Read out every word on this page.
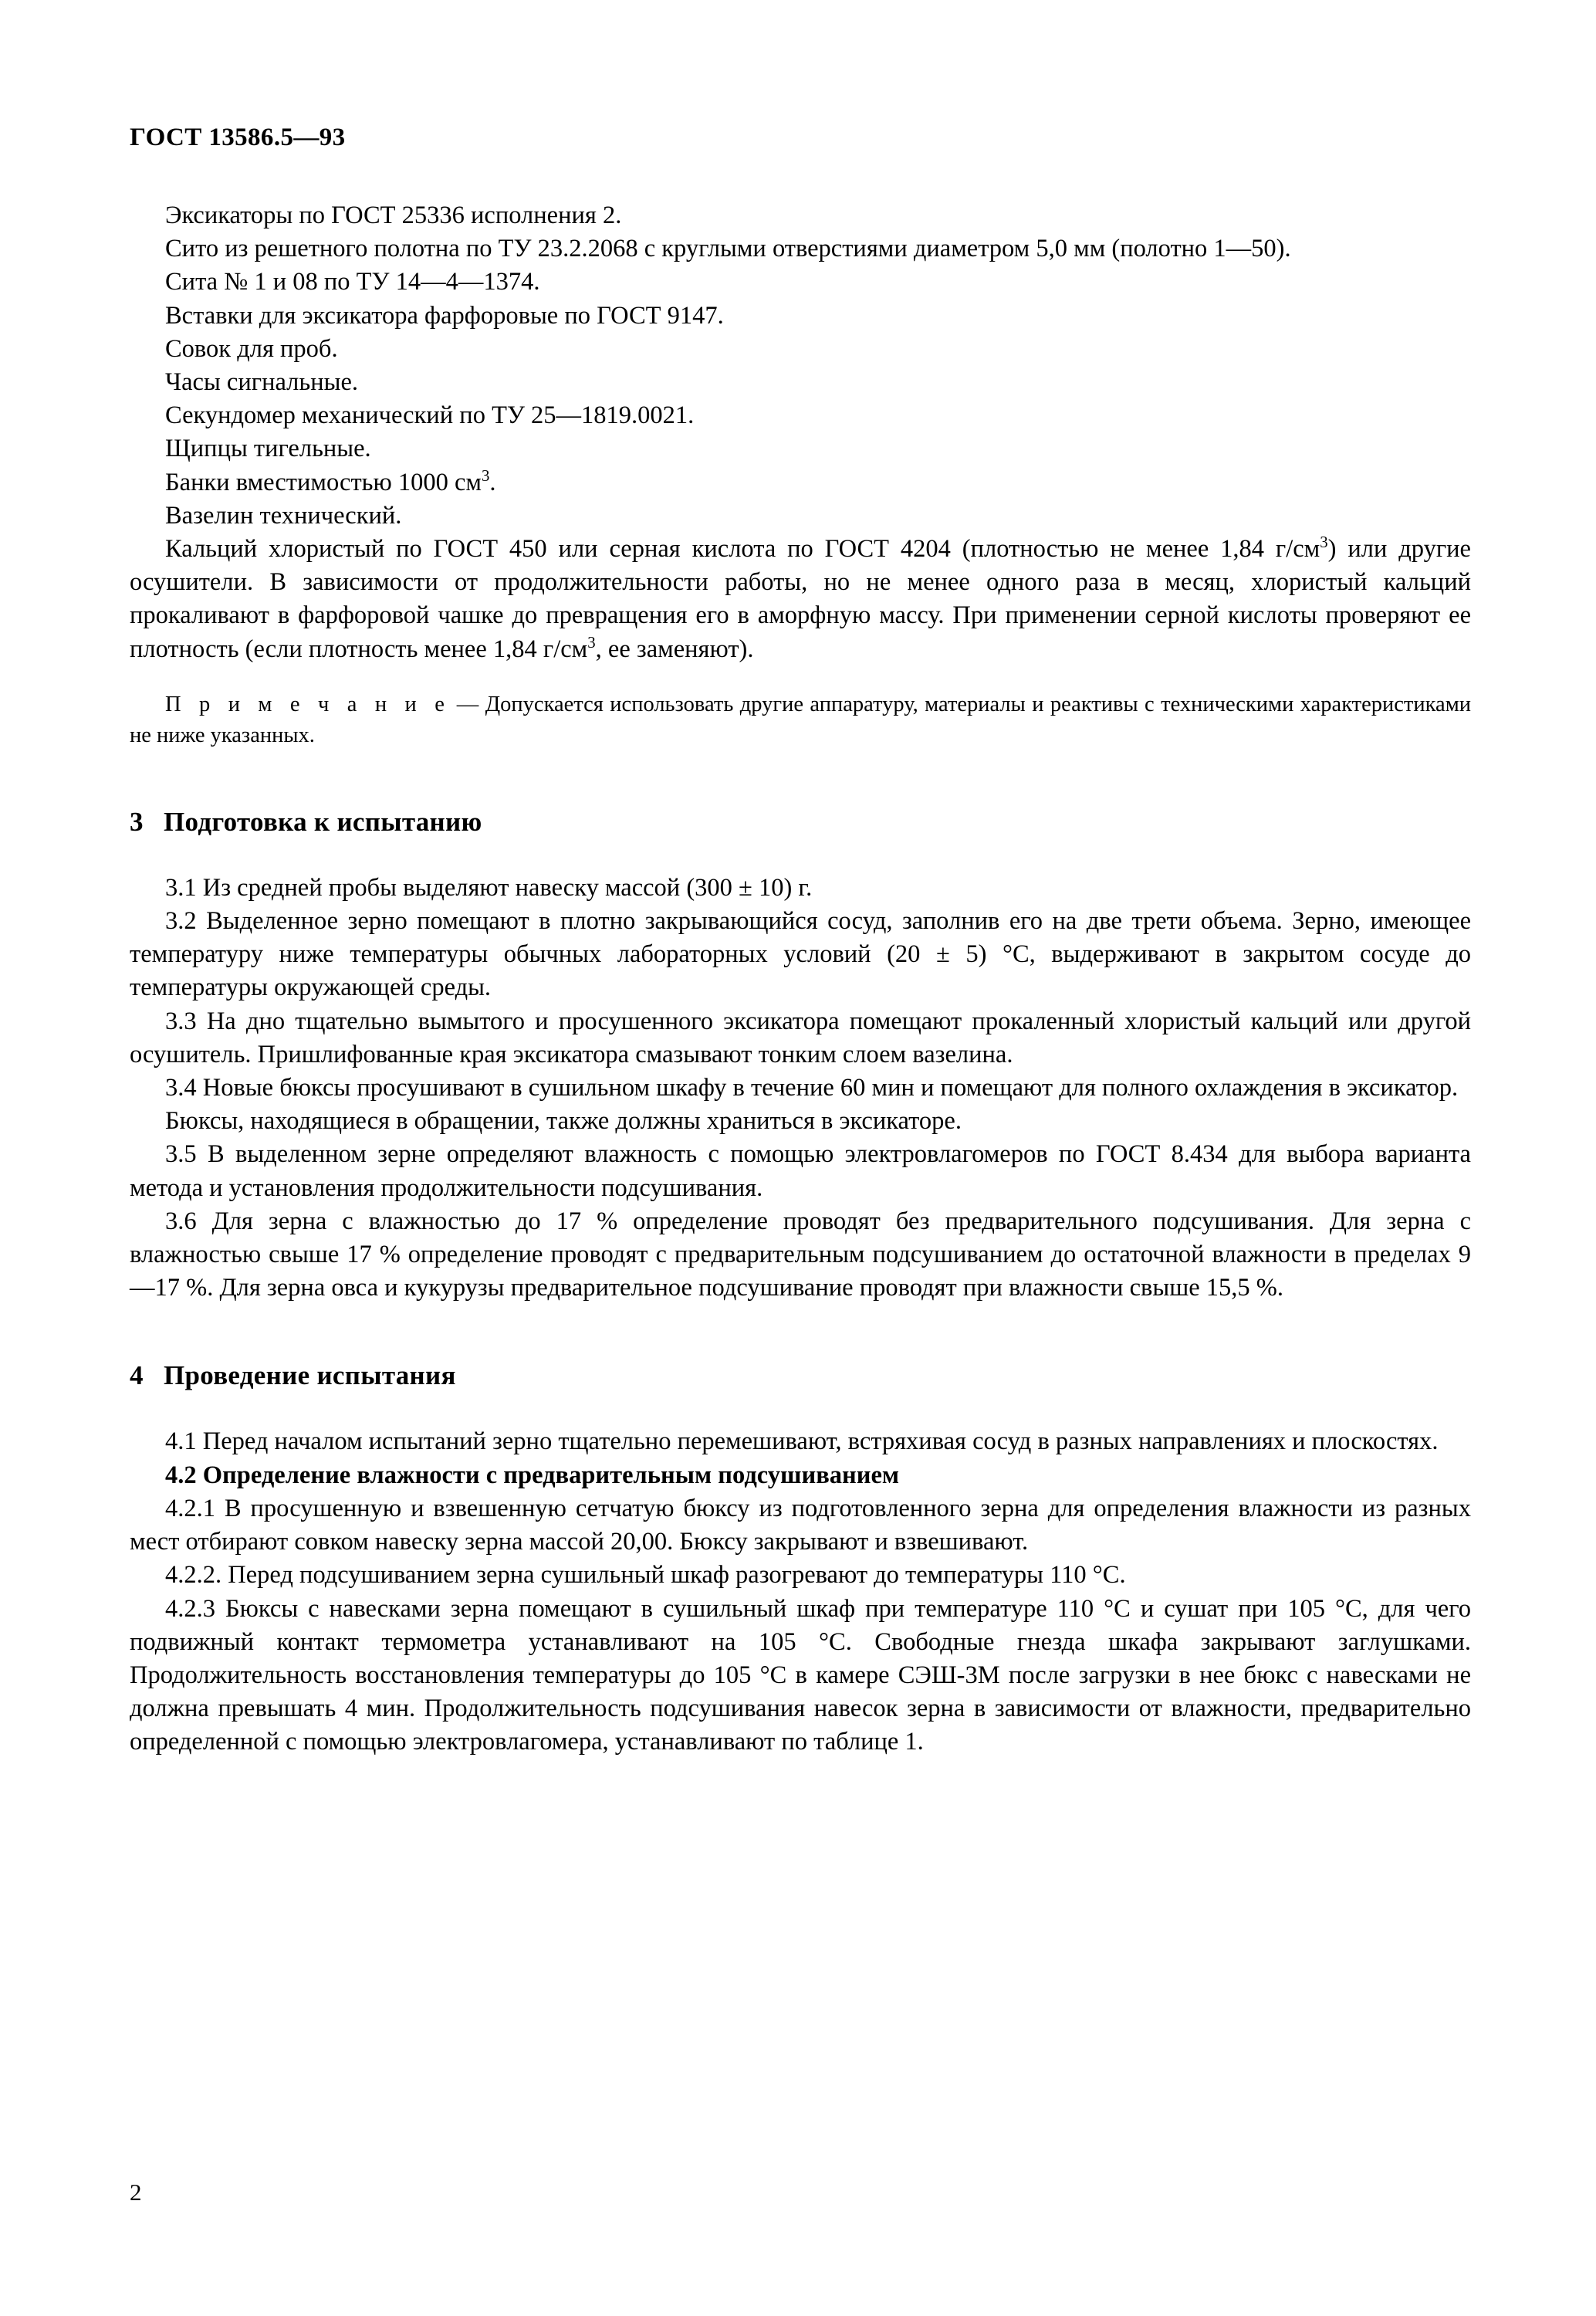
ГОСТ 13586.5—93

Эксикаторы по ГОСТ 25336 исполнения 2.

Сито из решетного полотна по ТУ 23.2.2068 с круглыми отверстиями диаметром 5,0 мм (полотно 1—50).

Сита № 1 и 08 по ТУ 14—4—1374.

Вставки для эксикатора фарфоровые по ГОСТ 9147.

Совок для проб.

Часы сигнальные.

Секундомер механический по ТУ 25—1819.0021.

Щипцы тигельные.

Банки вместимостью 1000 $см^3$.

Вазелин технический.

Кальций хлористый по ГОСТ 450 или серная кислота по ГОСТ 4204 (плотностью не менее 1,84 $г/см^3$) или другие осушители. В зависимости от продолжительности работы, но не менее одного раза в месяц, хлористый кальций прокаливают в фарфоровой чашке до превращения его в аморфную массу. При применении серной кислоты проверяют ее плотность (если плотность менее 1,84 $г/см^3$, ее заменяют).

П р и м е ч а н и е — Допускается использовать другие аппаратуру, материалы и реактивы с техническими характеристиками не ниже указанных.

3 Подготовка к испытанию

3.1 Из средней пробы выделяют навеску массой (300 ± 10) г.

3.2 Выделенное зерно помещают в плотно закрывающийся сосуд, заполнив его на две трети объема. Зерно, имеющее температуру ниже температуры обычных лабораторных условий (20 ± 5) °С, выдерживают в закрытом сосуде до температуры окружающей среды.

3.3 На дно тщательно вымытого и просушенного эксикатора помещают прокаленный хлористый кальций или другой осушитель. Пришлифованные края эксикатора смазывают тонким слоем вазелина.

3.4 Новые бюксы просушивают в сушильном шкафу в течение 60 мин и помещают для полного охлаждения в эксикатор.

Бюксы, находящиеся в обращении, также должны храниться в эксикаторе.

3.5 В выделенном зерне определяют влажность с помощью электровлагомеров по ГОСТ 8.434 для выбора варианта метода и установления продолжительности подсушивания.

3.6 Для зерна с влажностью до 17 % определение проводят без предварительного подсушивания. Для зерна с влажностью свыше 17 % определение проводят с предварительным подсушиванием до остаточной влажности в пределах 9—17 %. Для зерна овса и кукурузы предварительное подсушивание проводят при влажности свыше 15,5 %.

4 Проведение испытания

4.1 Перед началом испытаний зерно тщательно перемешивают, встряхивая сосуд в разных направлениях и плоскостях.

4.2 Определение влажности с предварительным подсушиванием

4.2.1 В просушенную и взвешенную сетчатую бюксу из подготовленного зерна для определения влажности из разных мест отбирают совком навеску зерна массой 20,00. Бюксу закрывают и взвешивают.

4.2.2. Перед подсушиванием зерна сушильный шкаф разогревают до температуры 110 °С.

4.2.3 Бюксы с навесками зерна помещают в сушильный шкаф при температуре 110 °С и сушат при 105 °С, для чего подвижный контакт термометра устанавливают на 105 °С. Свободные гнезда шкафа закрывают заглушками. Продолжительность восстановления температуры до 105 °С в камере СЭШ-3М после загрузки в нее бюкс с навесками не должна превышать 4 мин. Продолжительность подсушивания навесок зерна в зависимости от влажности, предварительно определенной с помощью электровлагомера, устанавливают по таблице 1.

2
